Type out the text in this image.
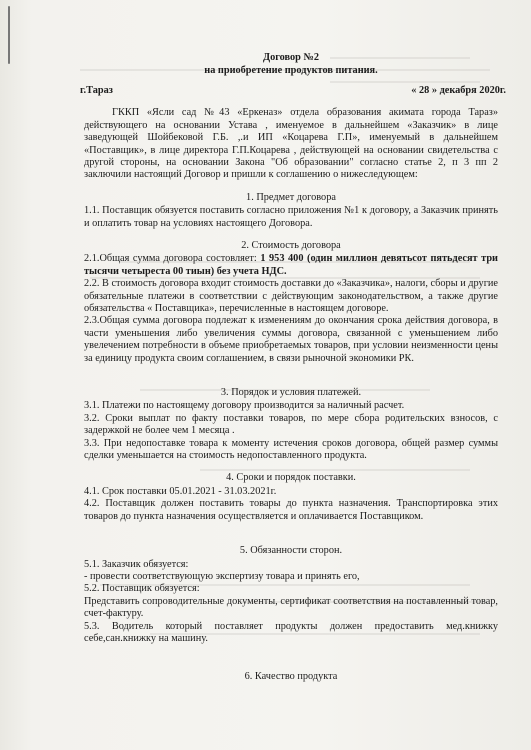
Договор №2
на приобретение продуктов питания.
г.Тараз	« 28 » декабря 2020г.

ГККП «Ясли сад №43 «Еркеназ» отдела образования акимата города Тараз» действующего на основании Устава , именуемое в дальнейшем «Заказчик» в лице заведующей Шойбековой Г.Б. ,.и ИП «Коцарева Г.П», именуемый в дальнейшем «Поставщик», в лице директора Г.П.Коцарева , действующей на основании свидетельства с другой стороны, на основании Закона "Об образовании" согласно статье 2, п 3 пп 2 заключили настоящий Договор и пришли к соглашению о нижеследующем:

1. Предмет договора

1.1. Поставщик обязуется поставить согласно приложения №1 к договору, а Заказчик принять и оплатить товар на условиях настоящего Договора.

2. Стоимость договора

2.1.Общая сумма договора состовляет: 1 953 400 (один миллион девятьсот пятьдесят три тысячи четыреста 00 тиын) без учета НДС.

2.2. В стоимость договора входит стоимость доставки до «Заказчика», налоги, сборы и другие обязательные платежи в соответствии с действующим законодательством, а также другие обязательства « Поставщика», перечисленные в настоящем договоре.

2.3.Общая сумма договора подлежат к изменениям до окончания срока действия договора, в части уменьшения либо увеличения суммы договора, связанной с уменьшением либо увелечением потребности в объеме приобретаемых товаров, при условии неизменности цены за единицу продукта своим соглашением, в связи рыночной экономики РК.

3. Порядок и условия платежей.

3.1. Платежи по настоящему договору производится за наличный расчет.

3.2. Сроки выплат по факту поставки товаров, по мере сбора родительских взносов, с задержкой не более чем 1 месяца .

3.3. При недопоставке товара к моменту истечения сроков договора, общей размер суммы сделки уменьшается на стоимость недопоставленного продукта.

4. Сроки и порядок поставки.

4.1. Срок поставки 05.01.2021 - 31.03.2021г.

4.2. Поставщик должен поставить товары до пункта назначения. Транспортировка этих товаров до пункта назначения осуществляется и оплачивается Поставщиком.

5. Обязанности сторон.

5.1. Заказчик обязуется:

- провести соответствующую экспертизу товара и принять его,

5.2. Поставщик обязуется:

Представить сопроводительные документы, сертификат соответствия на поставленный товар, счет-фактуру.

5.3. Водитель который поставляет продукты должен предоставить мед.книжку себе,сан.книжку на машину.

6. Качество продукта
